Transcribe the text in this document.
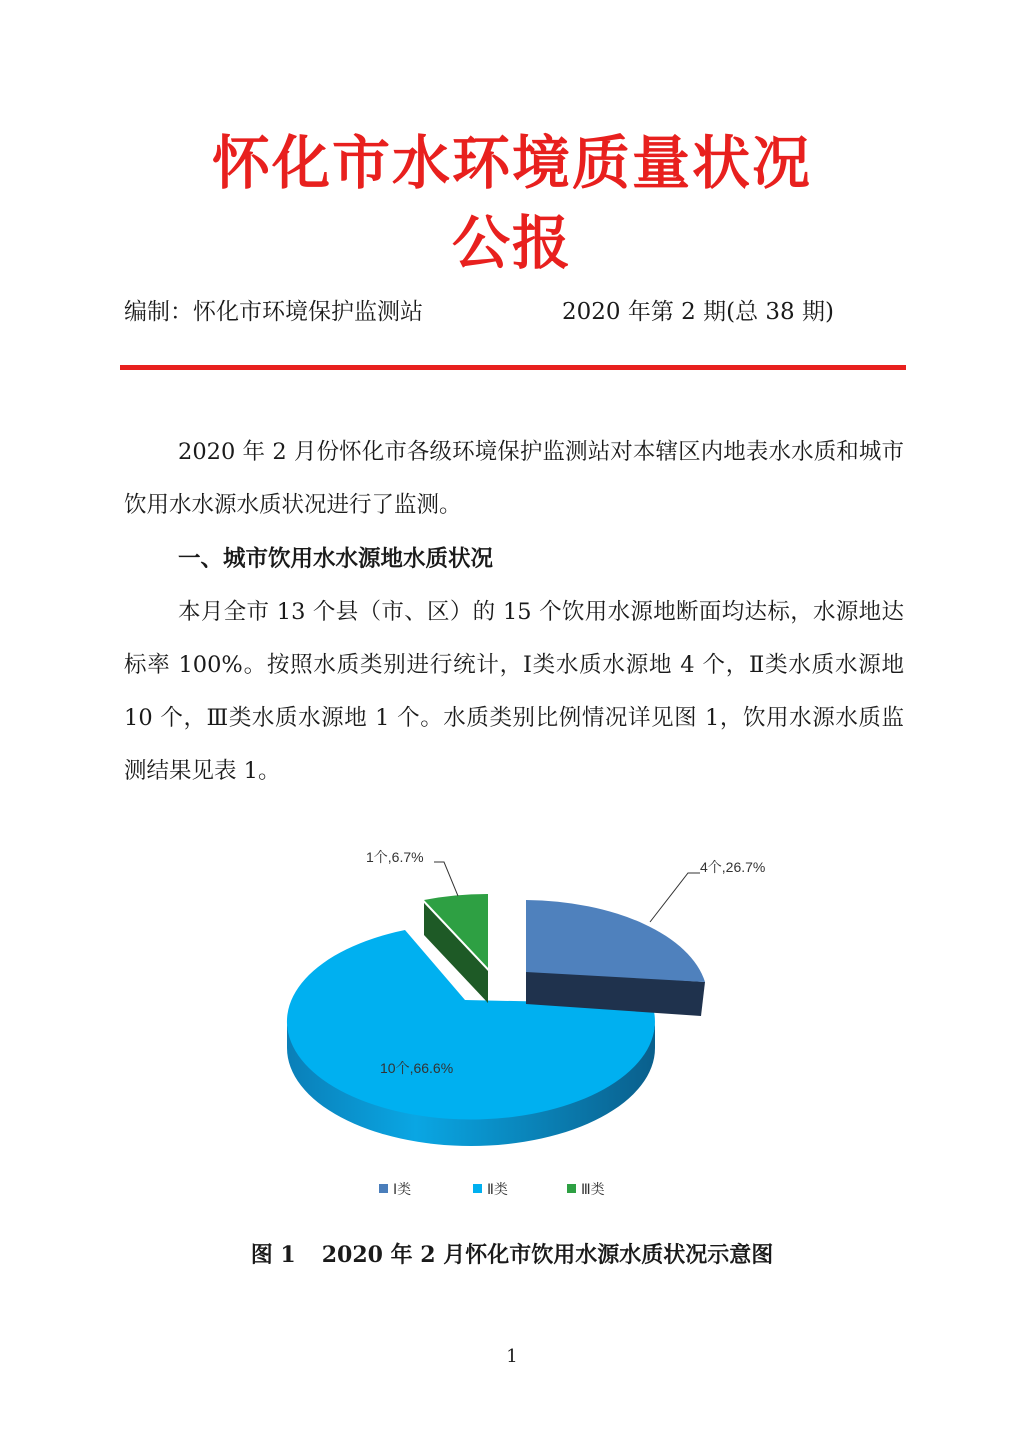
怀化市水环境质量状况
公报
编制：怀化市环境保护监测站	2020 年第 2 期(总 38 期)

2020 年 2 月份怀化市各级环境保护监测站对本辖区内地表水水质和城市饮用水水源水质状况进行了监测。

一、城市饮用水水源地水质状况

本月全市 13 个县（市、区）的 15 个饮用水源地断面均达标，水源地达标率 100%。按照水质类别进行统计，Ⅰ类水质水源地 4 个，Ⅱ类水质水源地 10 个，Ⅲ类水质水源地 1 个。水质类别比例情况详见图 1，饮用水源水质监测结果见表 1。

4个,26.7%
10个,66.6%
1个,6.7%
Ⅰ类	Ⅱ类	Ⅲ类
图 1 2020 年 2 月怀化市饮用水源水质状况示意图
1
